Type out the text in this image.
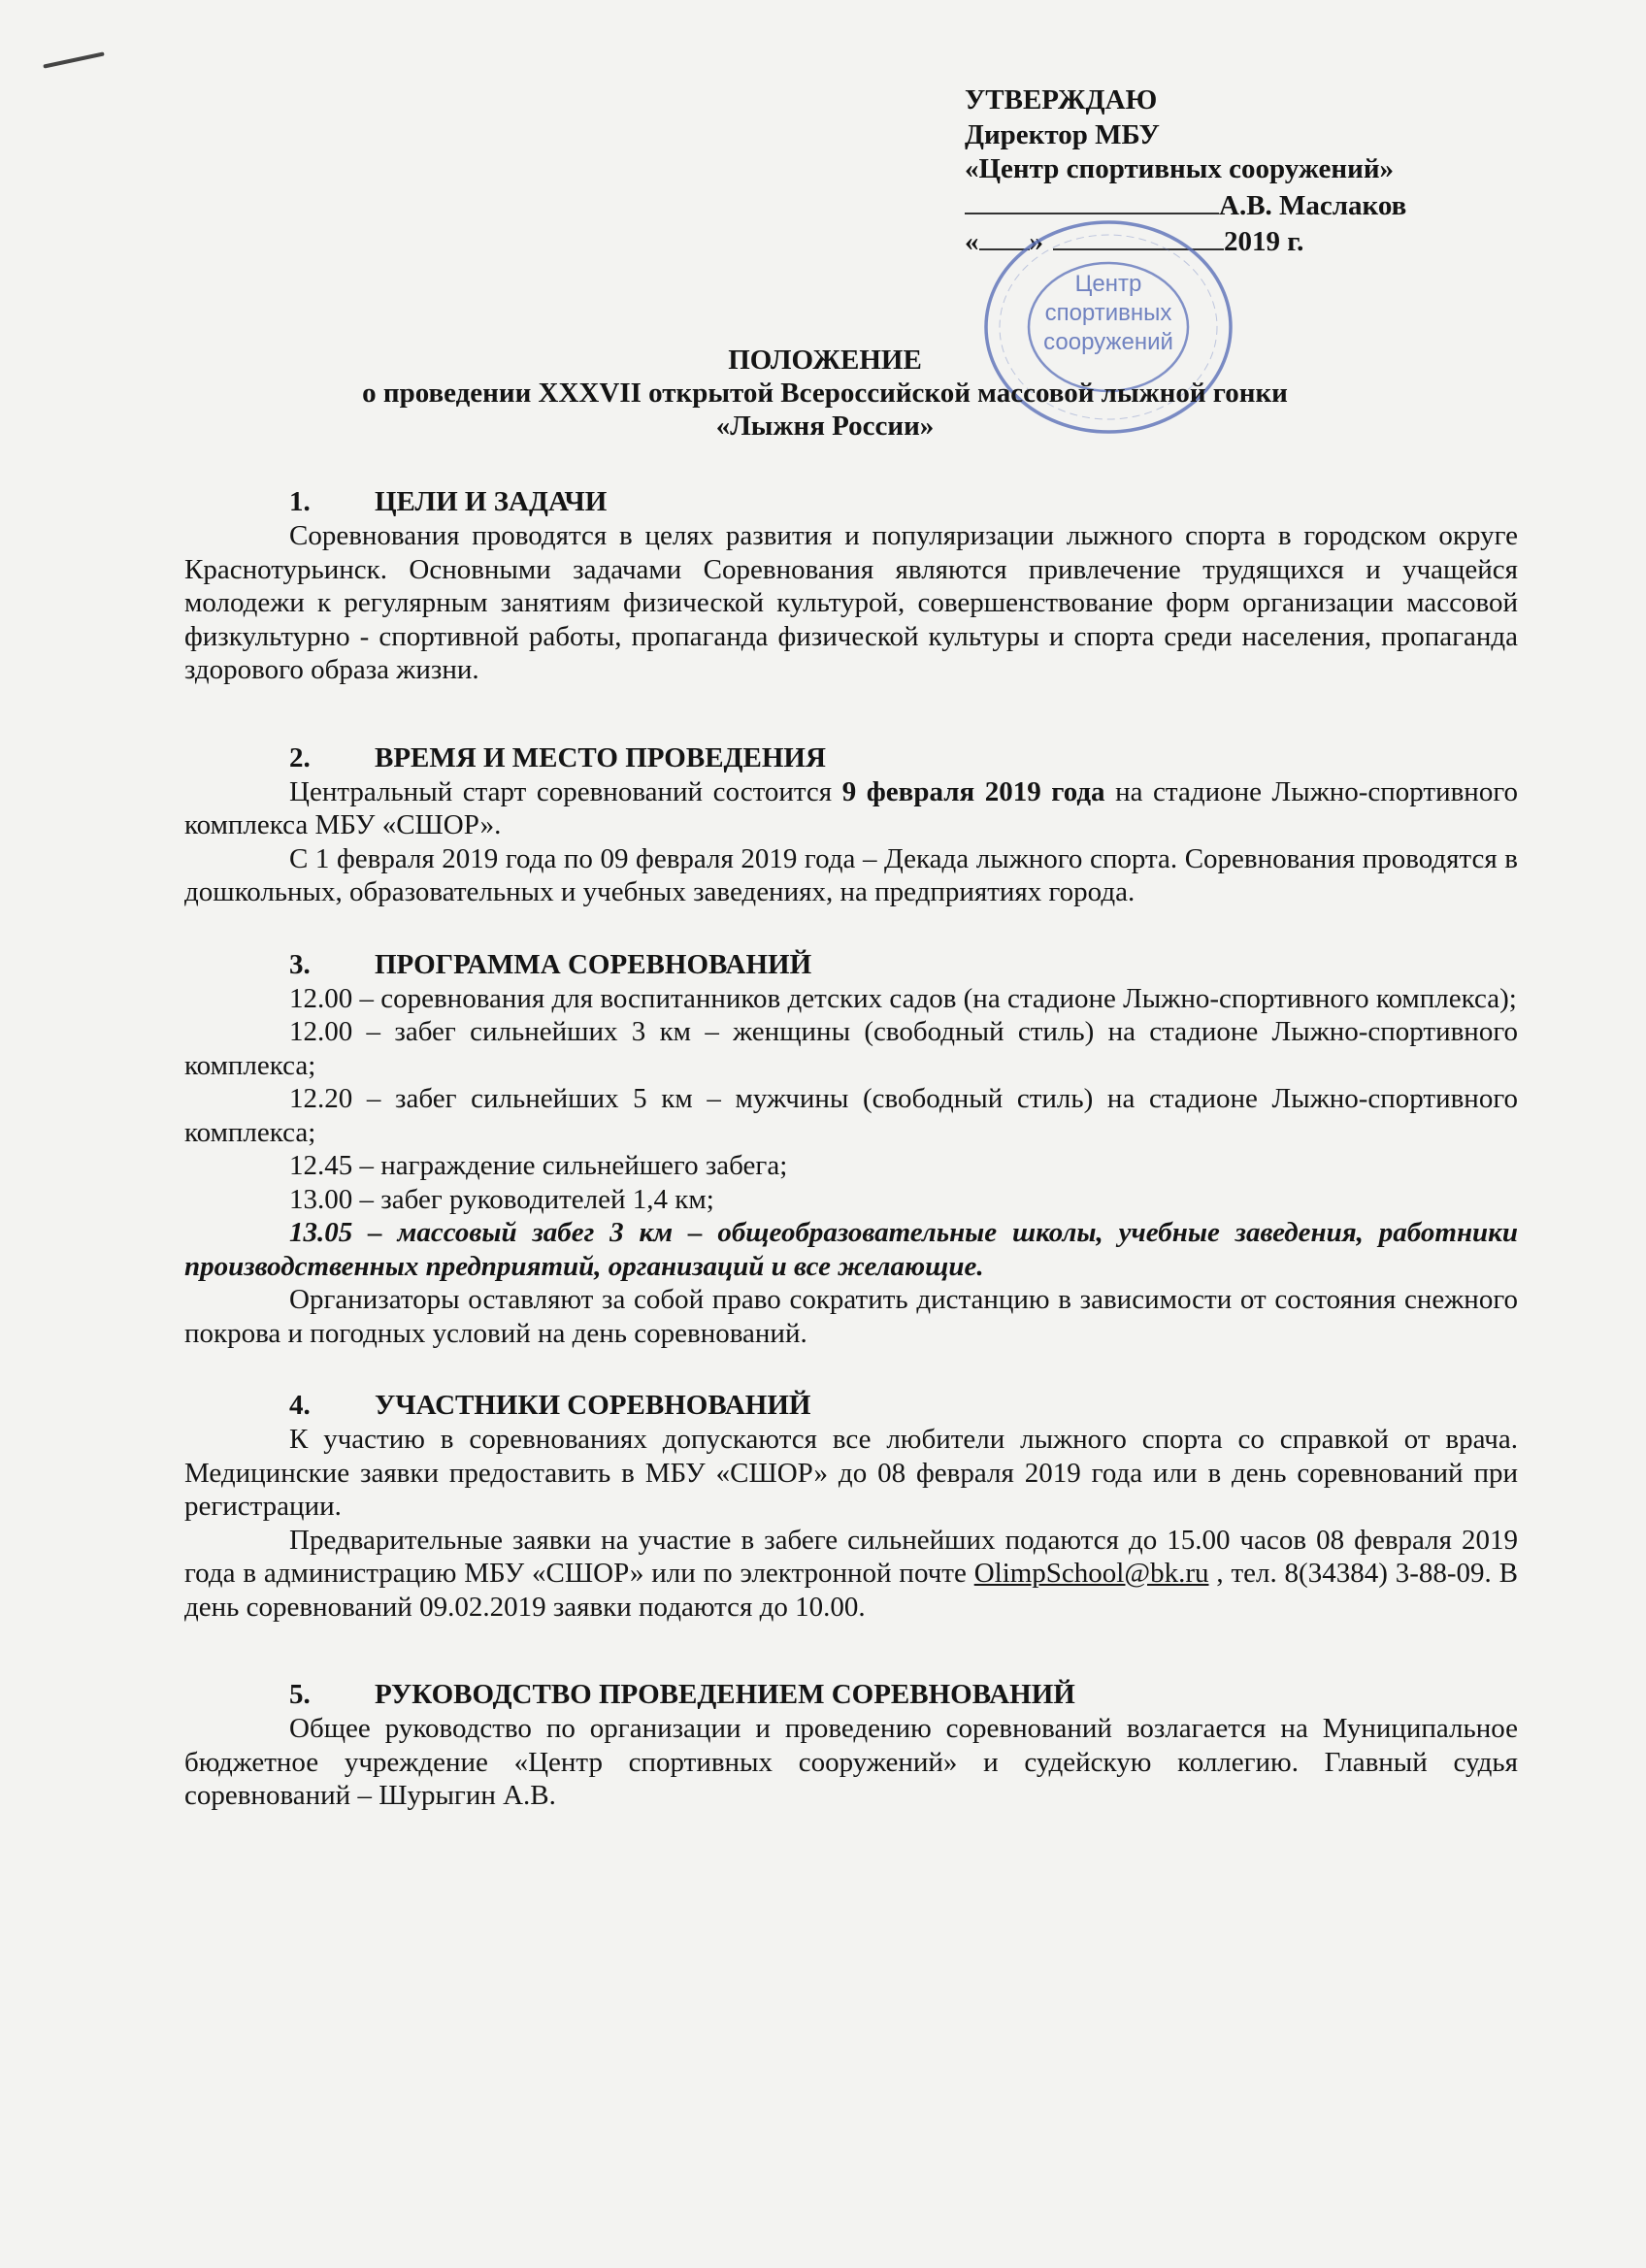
УТВЕРЖДАЮ
Директор МБУ
«Центр спортивных сооружений»
А.В. Маслаков
« »	2019 г.
Центр
спортивных
сооружений
ПОЛОЖЕНИЕ
о проведении XXXVII открытой Всероссийской массовой лыжной гонки
«Лыжня России»
1.	ЦЕЛИ И ЗАДАЧИ

Соревнования проводятся в целях развития и популяризации лыжного спорта в городском округе Краснотурьинск. Основными задачами Соревнования являются привлечение трудящихся и учащейся молодежи к регулярным занятиям физической культурой, совершенствование форм организации массовой физкультурно - спортивной работы, пропаганда физической культуры и спорта среди населения, пропаганда здорового образа жизни.

2.	ВРЕМЯ И МЕСТО ПРОВЕДЕНИЯ

Центральный старт соревнований состоится 9 февраля 2019 года на стадионе Лыжно-спортивного комплекса МБУ «СШОР».

С 1 февраля 2019 года по 09 февраля 2019 года – Декада лыжного спорта. Соревнования проводятся в дошкольных, образовательных и учебных заведениях, на предприятиях города.

3.	ПРОГРАММА СОРЕВНОВАНИЙ

12.00 – соревнования для воспитанников детских садов (на стадионе Лыжно-спортивного комплекса);

12.00 – забег сильнейших 3 км – женщины (свободный стиль) на стадионе Лыжно-спортивного комплекса;

12.20 – забег сильнейших 5 км – мужчины (свободный стиль) на стадионе Лыжно-спортивного комплекса;

12.45 – награждение сильнейшего забега;

13.00 – забег руководителей 1,4 км;

13.05 – массовый забег 3 км – общеобразовательные школы, учебные заведения, работники производственных предприятий, организаций и все желающие.

Организаторы оставляют за собой право сократить дистанцию в зависимости от состояния снежного покрова и погодных условий на день соревнований.

4.	УЧАСТНИКИ СОРЕВНОВАНИЙ

К участию в соревнованиях допускаются все любители лыжного спорта со справкой от врача. Медицинские заявки предоставить в МБУ «СШОР» до 08 февраля 2019 года или в день соревнований при регистрации.

Предварительные заявки на участие в забеге сильнейших подаются до 15.00 часов 08 февраля 2019 года в администрацию МБУ «СШОР» или по электронной почте OlimpSchool@bk.ru , тел. 8(34384) 3-88-09. В день соревнований 09.02.2019 заявки подаются до 10.00.

5.	РУКОВОДСТВО ПРОВЕДЕНИЕМ СОРЕВНОВАНИЙ

Общее руководство по организации и проведению соревнований возлагается на Муниципальное бюджетное учреждение «Центр спортивных сооружений» и судейскую коллегию. Главный судья соревнований – Шурыгин А.В.
